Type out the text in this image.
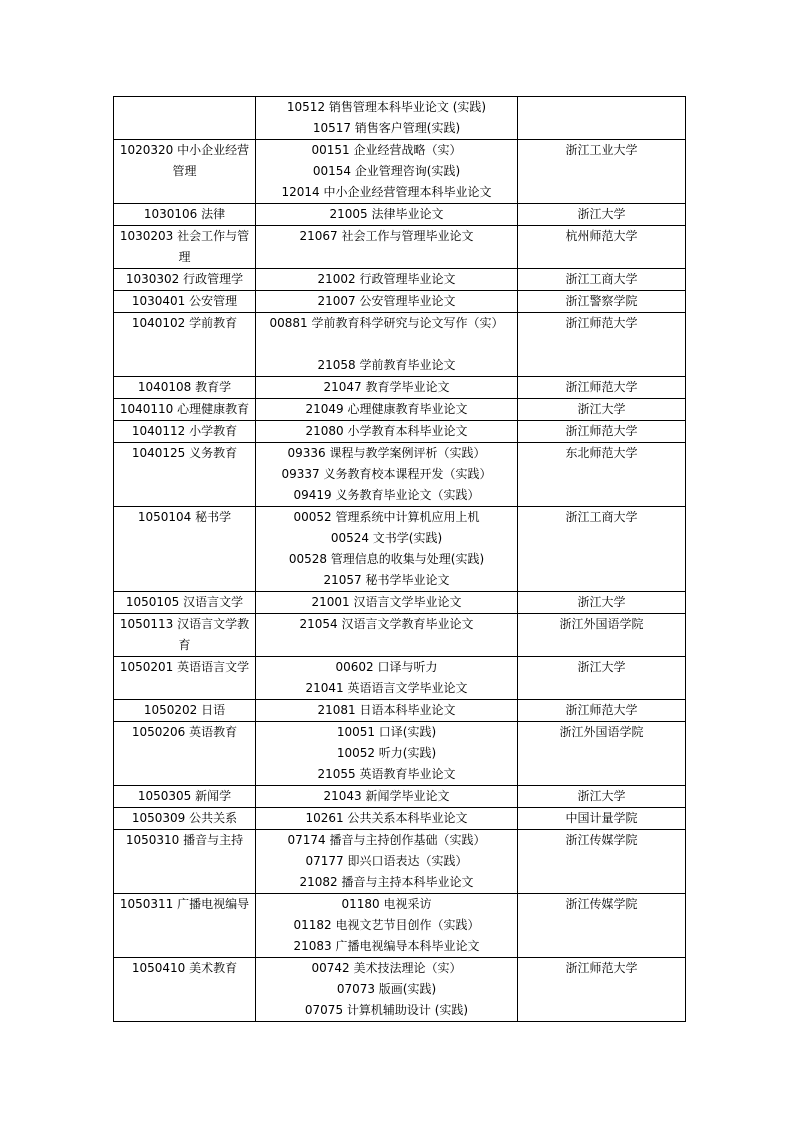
	10512 销售管理本科毕业论文 (实践)
10517 销售客户管理(实践)	

1020320 中小企业经营管理	00151 企业经营战略（实）
00154 企业管理咨询(实践)
12014 中小企业经营管理本科毕业论文	浙江工业大学
1030106 法律	21005 法律毕业论文	浙江大学
1030203 社会工作与管理	21067 社会工作与管理毕业论文	杭州师范大学
1030302 行政管理学	21002 行政管理毕业论文	浙江工商大学
1030401 公安管理	21007 公安管理毕业论文	浙江警察学院
1040102 学前教育	00881 学前教育科学研究与论文写作（实）
21058 学前教育毕业论文	浙江师范大学
1040108 教育学	21047 教育学毕业论文	浙江师范大学
1040110 心理健康教育	21049 心理健康教育毕业论文	浙江大学
1040112 小学教育	21080 小学教育本科毕业论文	浙江师范大学
1040125 义务教育	09336 课程与教学案例评析（实践）
09337 义务教育校本课程开发（实践）
09419 义务教育毕业论文（实践）	东北师范大学
1050104 秘书学	00052 管理系统中计算机应用上机
00524 文书学(实践)
00528 管理信息的收集与处理(实践)
21057 秘书学毕业论文	浙江工商大学
1050105 汉语言文学	21001 汉语言文学毕业论文	浙江大学
1050113 汉语言文学教育	21054 汉语言文学教育毕业论文	浙江外国语学院
1050201 英语语言文学	00602 口译与听力
21041 英语语言文学毕业论文	浙江大学
1050202 日语	21081 日语本科毕业论文	浙江师范大学
1050206 英语教育	10051 口译(实践)
10052 听力(实践)
21055 英语教育毕业论文	浙江外国语学院
1050305 新闻学	21043 新闻学毕业论文	浙江大学
1050309 公共关系	10261 公共关系本科毕业论文	中国计量学院
1050310 播音与主持	07174 播音与主持创作基础（实践）
07177 即兴口语表达（实践）
21082 播音与主持本科毕业论文	浙江传媒学院
1050311 广播电视编导	01180 电视采访
01182 电视文艺节目创作（实践）
21083 广播电视编导本科毕业论文	浙江传媒学院
1050410 美术教育	00742 美术技法理论（实）
07073 版画(实践)
07075 计算机辅助设计 (实践)	浙江师范大学
